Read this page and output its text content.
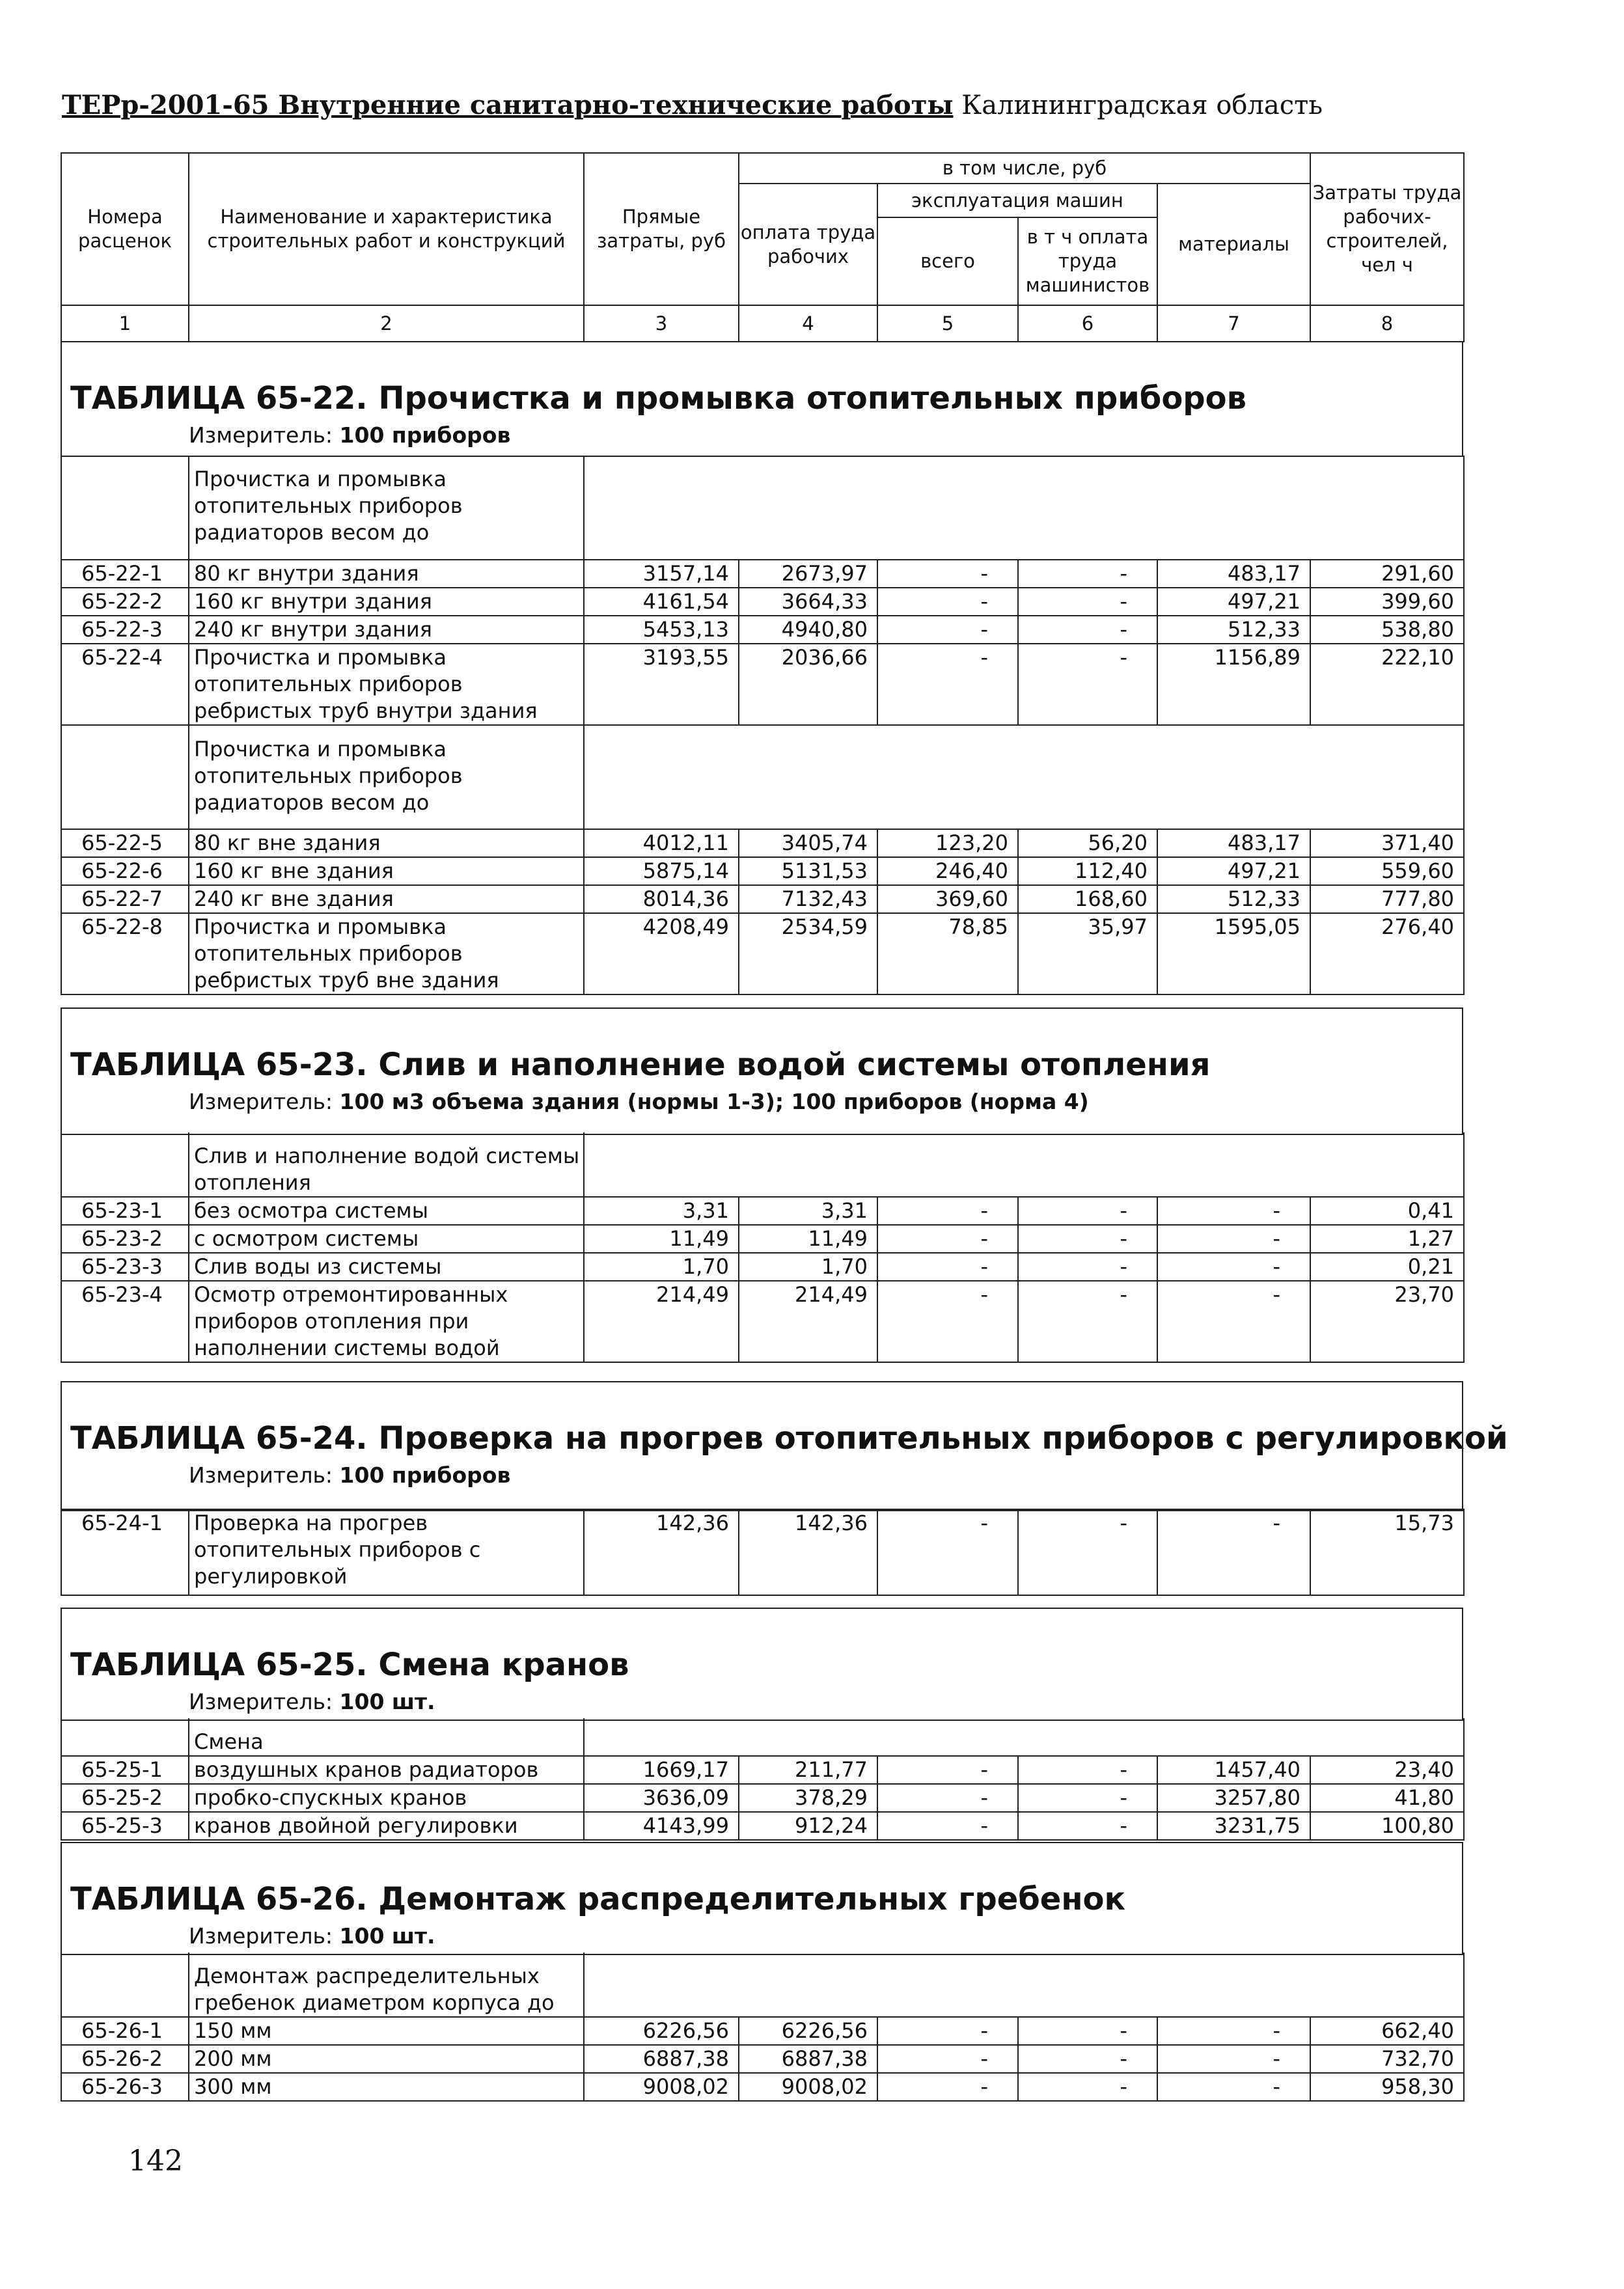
ТЕРр-2001-65 Внутренние санитарно-технические работы Калининградская область
Номера расценок	Наименование и характеристика строительных работ и конструкций	Прямые затраты, руб	в том числе, руб				Затраты труда рабочих-строителей, чел ч
			оплата труда рабочих	эксплуатация машин		материалы	
				всего	в т ч оплата труда машинистов		
1	2	3	4	5	6	7	8
ТАБЛИЦА 65-22. Прочистка и промывка отопительных приборов
Измеритель: 100 приборов
	Прочистка и промывка отопительных приборов радиаторов весом до						
65-22-1	80 кг внутри здания	3157,14	2673,97	-	-	483,17	291,60
65-22-2	160 кг внутри здания	4161,54	3664,33	-	-	497,21	399,60
65-22-3	240 кг внутри здания	5453,13	4940,80	-	-	512,33	538,80
65-22-4	Прочистка и промывка отопительных приборов ребристых труб внутри здания	3193,55	2036,66	-	-	1156,89	222,10
	Прочистка и промывка отопительных приборов радиаторов весом до						
65-22-5	80 кг вне здания	4012,11	3405,74	123,20	56,20	483,17	371,40
65-22-6	160 кг вне здания	5875,14	5131,53	246,40	112,40	497,21	559,60
65-22-7	240 кг вне здания	8014,36	7132,43	369,60	168,60	512,33	777,80
65-22-8	Прочистка и промывка отопительных приборов ребристых труб вне здания	4208,49	2534,59	78,85	35,97	1595,05	276,40
ТАБЛИЦА 65-23. Слив и наполнение водой системы отопления
Измеритель: 100 м3 объема здания (нормы 1-3); 100 приборов (норма 4)
	Слив и наполнение водой системы отопления						
65-23-1	без осмотра системы	3,31	3,31	-	-	-	0,41
65-23-2	с осмотром системы	11,49	11,49	-	-	-	1,27
65-23-3	Слив воды из системы	1,70	1,70	-	-	-	0,21
65-23-4	Осмотр отремонтированных приборов отопления при наполнении системы водой	214,49	214,49	-	-	-	23,70
ТАБЛИЦА 65-24. Проверка на прогрев отопительных приборов с регулировкой
Измеритель: 100 приборов
65-24-1	Проверка на прогрев отопительных приборов с регулировкой	142,36	142,36	-	-	-	15,73
ТАБЛИЦА 65-25. Смена кранов
Измеритель: 100 шт.
	Смена						
65-25-1	воздушных кранов радиаторов	1669,17	211,77	-	-	1457,40	23,40
65-25-2	пробко-спускных кранов	3636,09	378,29	-	-	3257,80	41,80
65-25-3	кранов двойной регулировки	4143,99	912,24	-	-	3231,75	100,80
ТАБЛИЦА 65-26. Демонтаж распределительных гребенок
Измеритель: 100 шт.
	Демонтаж распределительных гребенок диаметром корпуса до						
65-26-1	150 мм	6226,56	6226,56	-	-	-	662,40
65-26-2	200 мм	6887,38	6887,38	-	-	-	732,70
65-26-3	300 мм	9008,02	9008,02	-	-	-	958,30
142
